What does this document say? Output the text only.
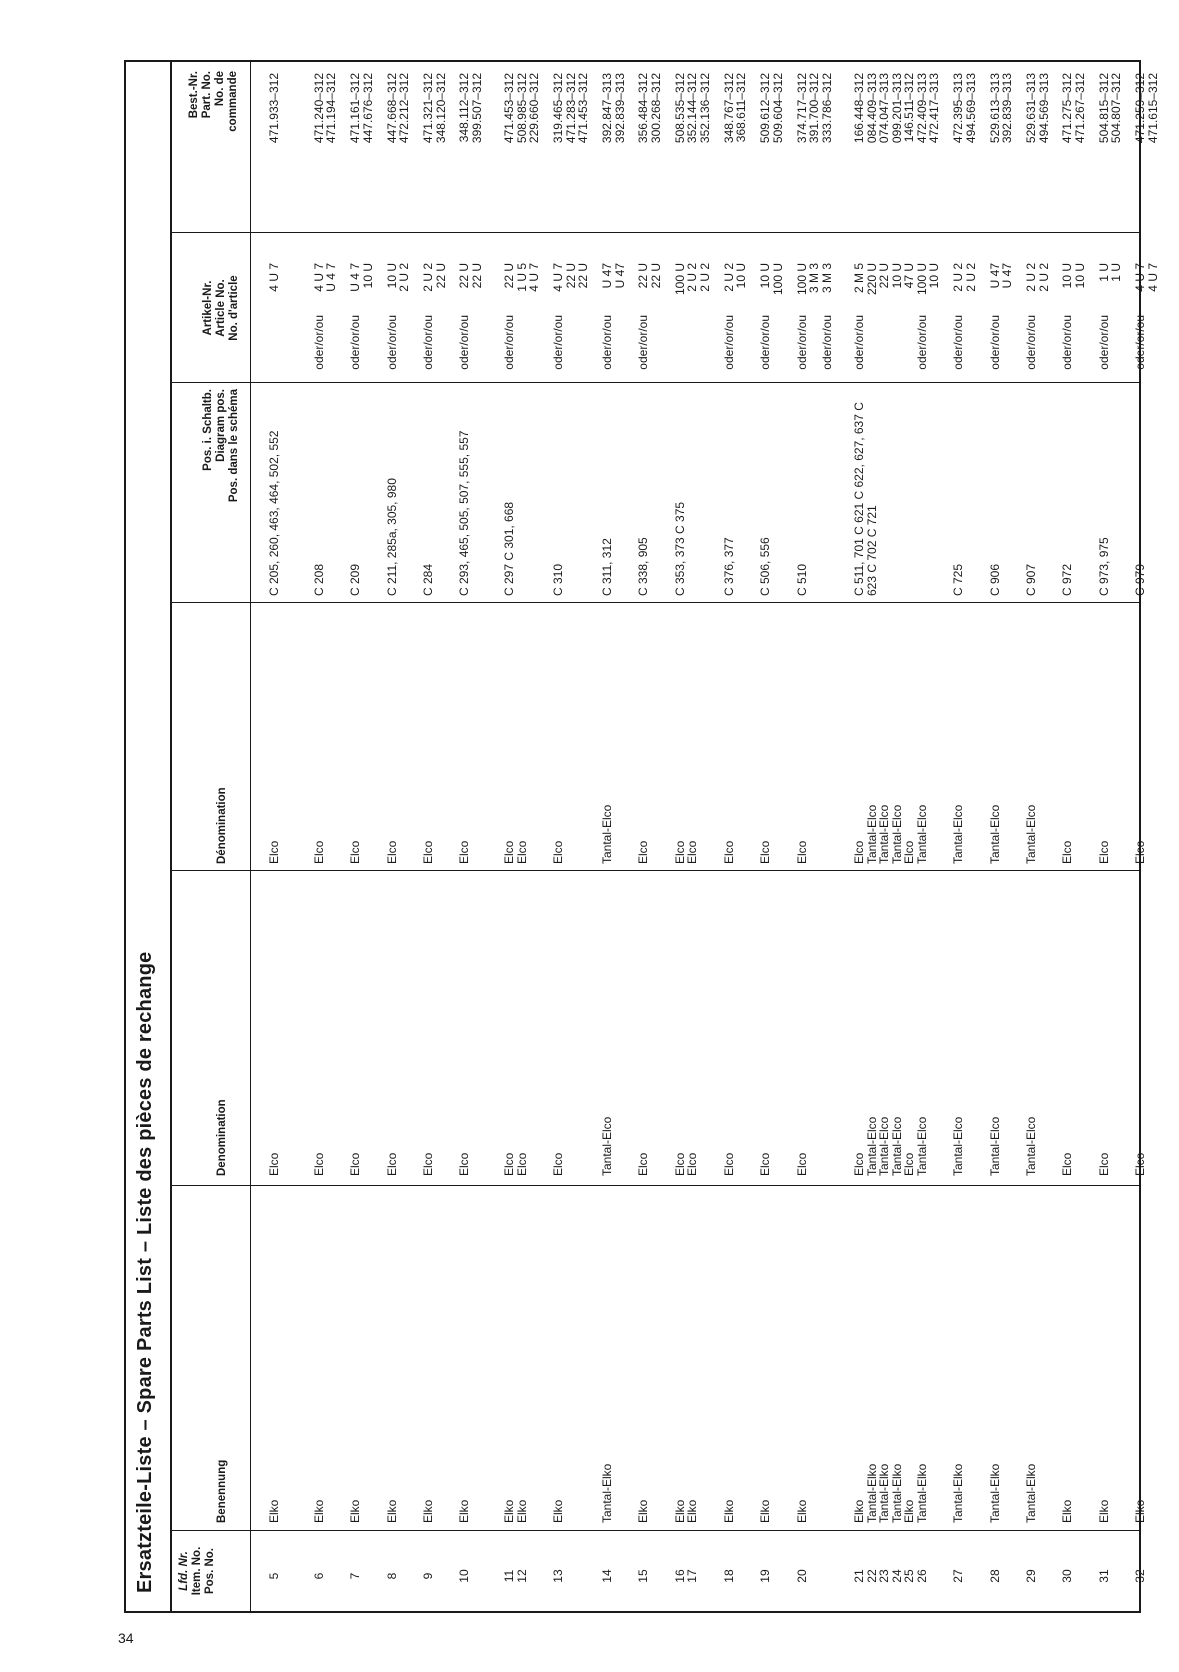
34
Ersatzteile-Liste – Spare Parts List – Liste des pièces de rechange Lfd. Nr. Item. No. Pos. No.
Benennung
Denomination
Dénomination
Pos. i. Schaltb. Diagram pos. Pos. dans le schéma
Artikel-Nr. Article No. No. d'article
Best.-Nr. Part. No. No. de commande
5
Elko
Elco
Elco
C 205, 260, 463, 464, 502, 552
4 U 7
471.933–312
6
Elko
Elco
Elco
C 208
oder/or/ou
4 U 7
U 4 7
471.240–312
471.194–312
7
Elko
Elco
Elco
C 209
oder/or/ou
U 4 7
10 U
471.161–312
447.676–312
8
Elko
Elco
Elco
C 211, 285a, 305, 980
oder/or/ou
10 U
2 U 2
447.668–312
472.212–312
9
Elko
Elco
Elco
C 284
oder/or/ou
2 U 2
22 U
471.321–312
348.120–312
10
Elko
Elco
Elco
C 293, 465, 505, 507, 555, 557
oder/or/ou
22 U
22 U
348.112–312
399.507–312
11
12
Elko
Elko
Elco
Elco
Elco
Elco
C 297 C 301, 668
oder/or/ou
22 U
1 U 5
4 U 7
471.453–312
508.985–312
229.660–312
13
Elko
Elco
Elco
C 310
oder/or/ou
4 U 7
22 U
22 U
319.465–312
471.283–312
471.453–312
14
Tantal-Elko
Tantal-Elco
Tantal-Elco
C 311, 312
oder/or/ou
U 47
U 47
392.847–313
392.839–313
15
Elko
Elco
Elco
C 338, 905
oder/or/ou
22 U
22 U
356.484–312
300.268–312
16
17
Elko
Elko
Elco
Elco
Elco
Elco
C 353, 373 C 375
100 U
2 U 2
2 U 2
508.535–312
352.144–312
352.136–312
18
Elko
Elco
Elco
C 376, 377
oder/or/ou
2 U 2
10 U
348.767–312
368.611–312
19
Elko
Elco
Elco
C 506, 556
oder/or/ou
10 U
100 U
509.612–312
509.604–312
20
Elko
Elco
Elco
C 510
oder/or/ou

oder/or/ou
100 U
3 M 3
3 M 3
374.717–312
391.700–312
333.786–312
21
22
23
24
25
26
Elko
Tantal-Elko
Tantal-Elko
Tantal-Elko
Elko
Tantal-Elko
Elco
Tantal-Elco
Tantal-Elco
Tantal-Elco
Elco
Tantal-Elco
Elco
Tantal-Elco
Tantal-Elco
Tantal-Elco
Elco
Tantal-Elco
C 511, 701 C 621 C 622, 627, 637 C 623 C 702 C 721
oder/or/ou

oder/or/ou
2 M 5
220 U
22 U
10 U
47 U
100 U
10 U
166.448–312
084.409–313
074.047–313
099.201–313
146.511–312
472.409–313
472.417–313
27
Tantal-Elko
Tantal-Elco
Tantal-Elco
C 725
oder/or/ou
2 U 2
2 U 2
472.395–313
494.569–313
28
Tantal-Elko
Tantal-Elco
Tantal-Elco
C 906
oder/or/ou
U 47
U 47
529.613–313
392.839–313
29
Tantal-Elko
Tantal-Elco
Tantal-Elco
C 907
oder/or/ou
2 U 2
2 U 2
529.631–313
494.569–313
30
Elko
Elco
Elco
C 972
oder/or/ou
10 U
10 U
471.275–312
471.267–312
31
Elko
Elco
Elco
C 973, 975
oder/or/ou
1 U
1 U
504.815–312
504.807–312
32
Elko
Elco
Elco
C 979
oder/or/ou
4 U 7
4 U 7
471.259–312
471.615–312
